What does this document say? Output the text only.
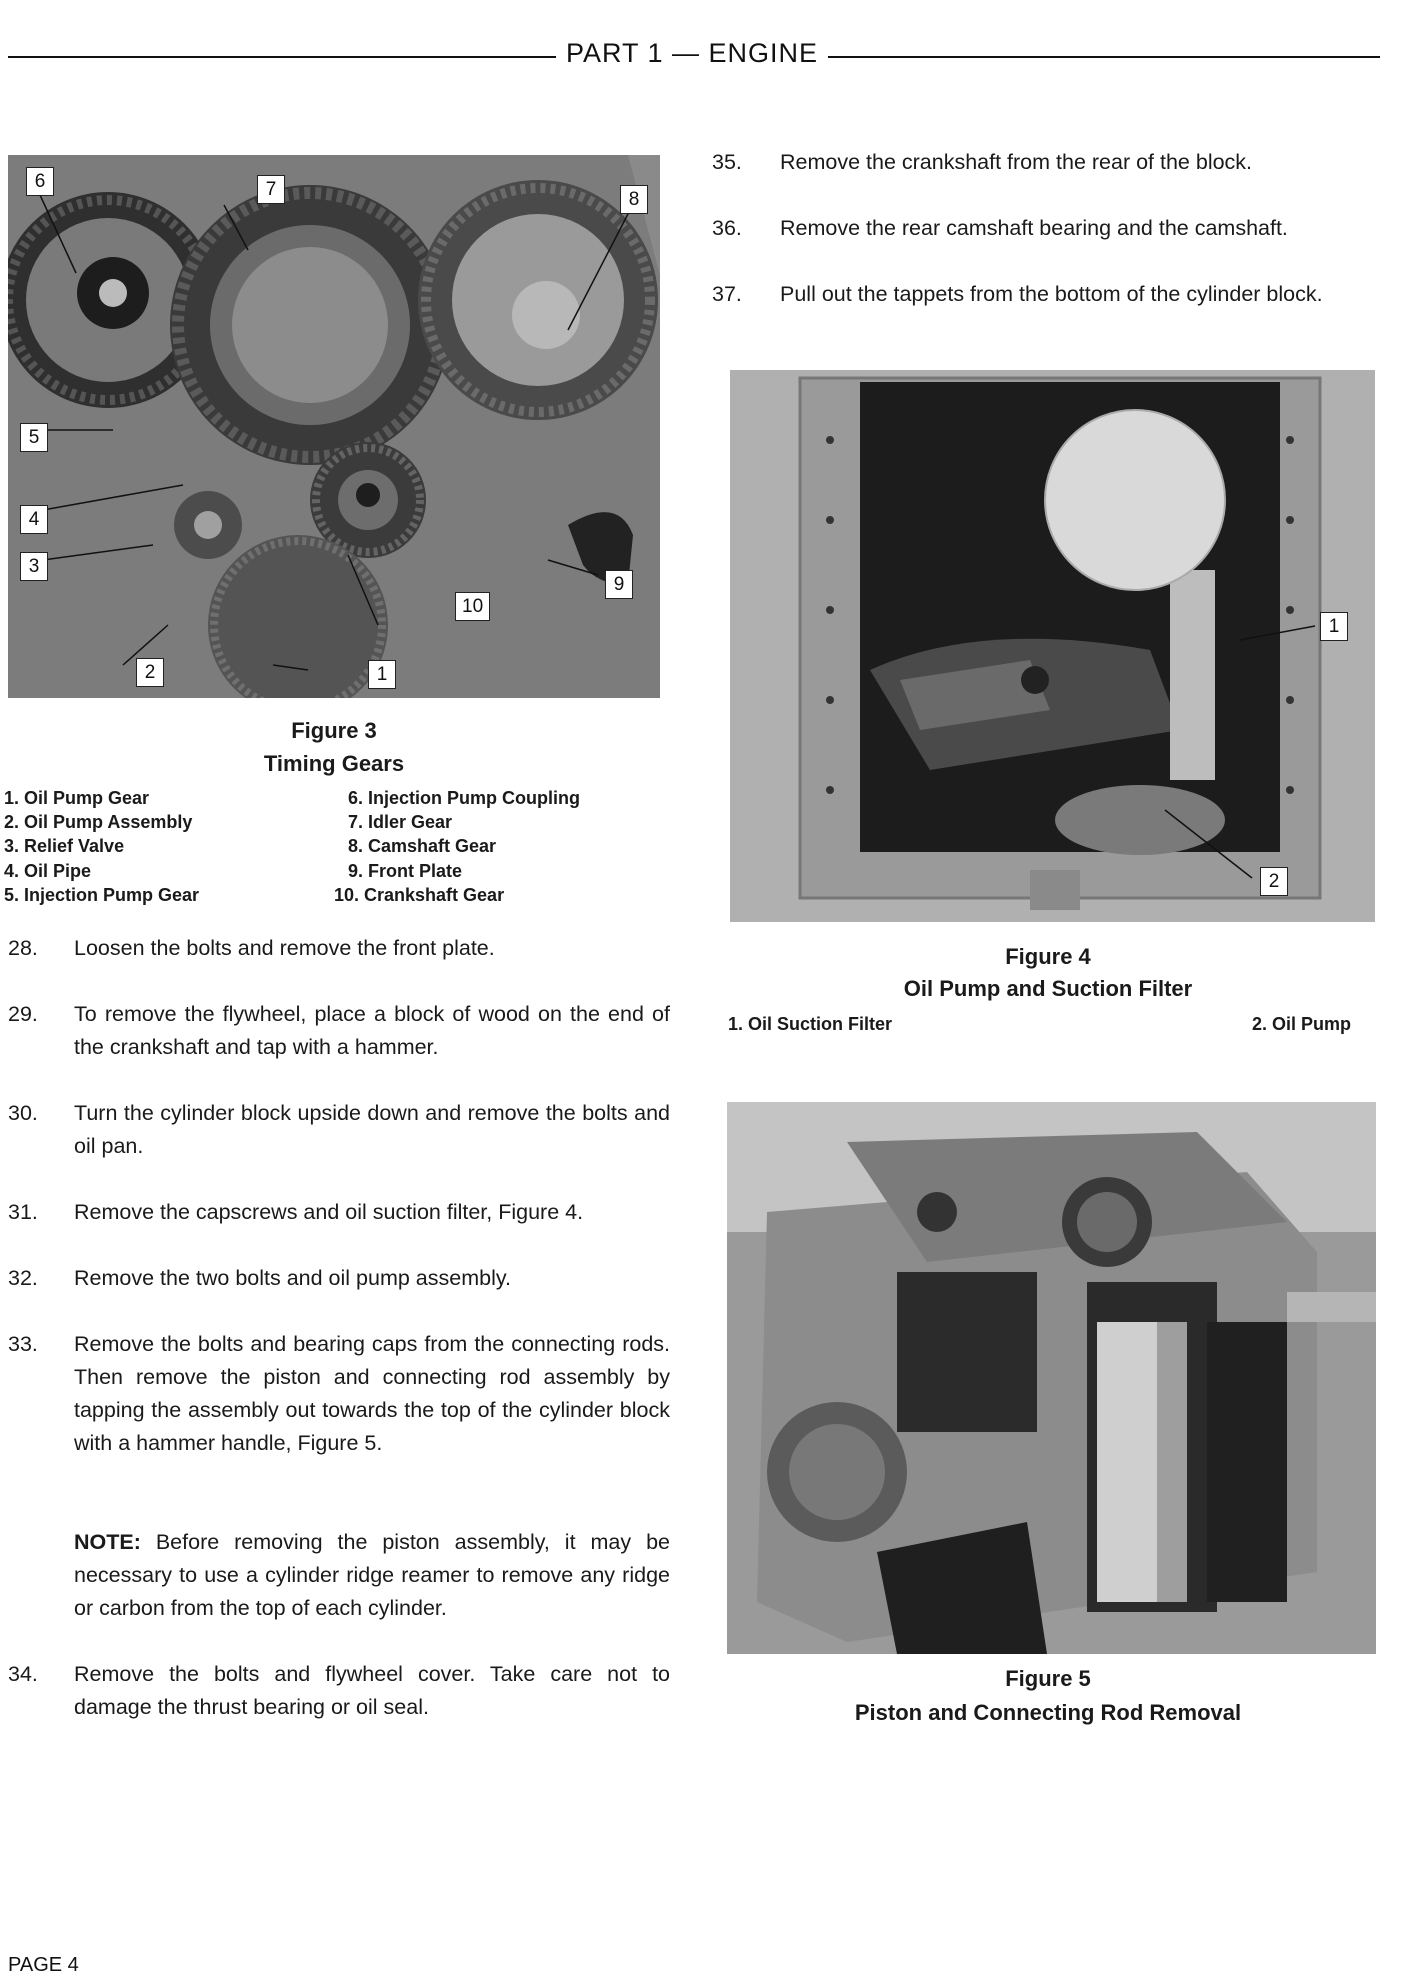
PART 1 — ENGINE
1
2
3
4
5
6	7	8
9
10
Figure 3
Timing Gears
1. Oil Pump Gear
2. Oil Pump Assembly
3. Relief Valve
4. Oil Pipe
5. Injection Pump Gear
6. Injection Pump Coupling
7. Idler Gear
8. Camshaft Gear
9. Front Plate
10. Crankshaft Gear
28. Loosen the bolts and remove the front plate.
29. To remove the flywheel, place a block of wood on the end of the crankshaft and tap with a hammer.
30. Turn the cylinder block upside down and remove the bolts and oil pan.
31. Remove the capscrews and oil suction filter, Figure 4.
32. Remove the two bolts and oil pump assembly.
33. Remove the bolts and bearing caps from the connecting rods. Then remove the piston and connecting rod assembly by tapping the assembly out towards the top of the cylinder block with a hammer handle, Figure 5.
NOTE: Before removing the piston assembly, it may be necessary to use a cylinder ridge reamer to remove any ridge or carbon from the top of each cylinder.
34. Remove the bolts and flywheel cover. Take care not to damage the thrust bearing or oil seal.
35. Remove the crankshaft from the rear of the block.
36. Remove the rear camshaft bearing and the camshaft.
37. Pull out the tappets from the bottom of the cylinder block.
1
2
Figure 4
Oil Pump and Suction Filter
1. Oil Suction Filter	2. Oil Pump
Figure 5
Piston and Connecting Rod Removal
PAGE 4
